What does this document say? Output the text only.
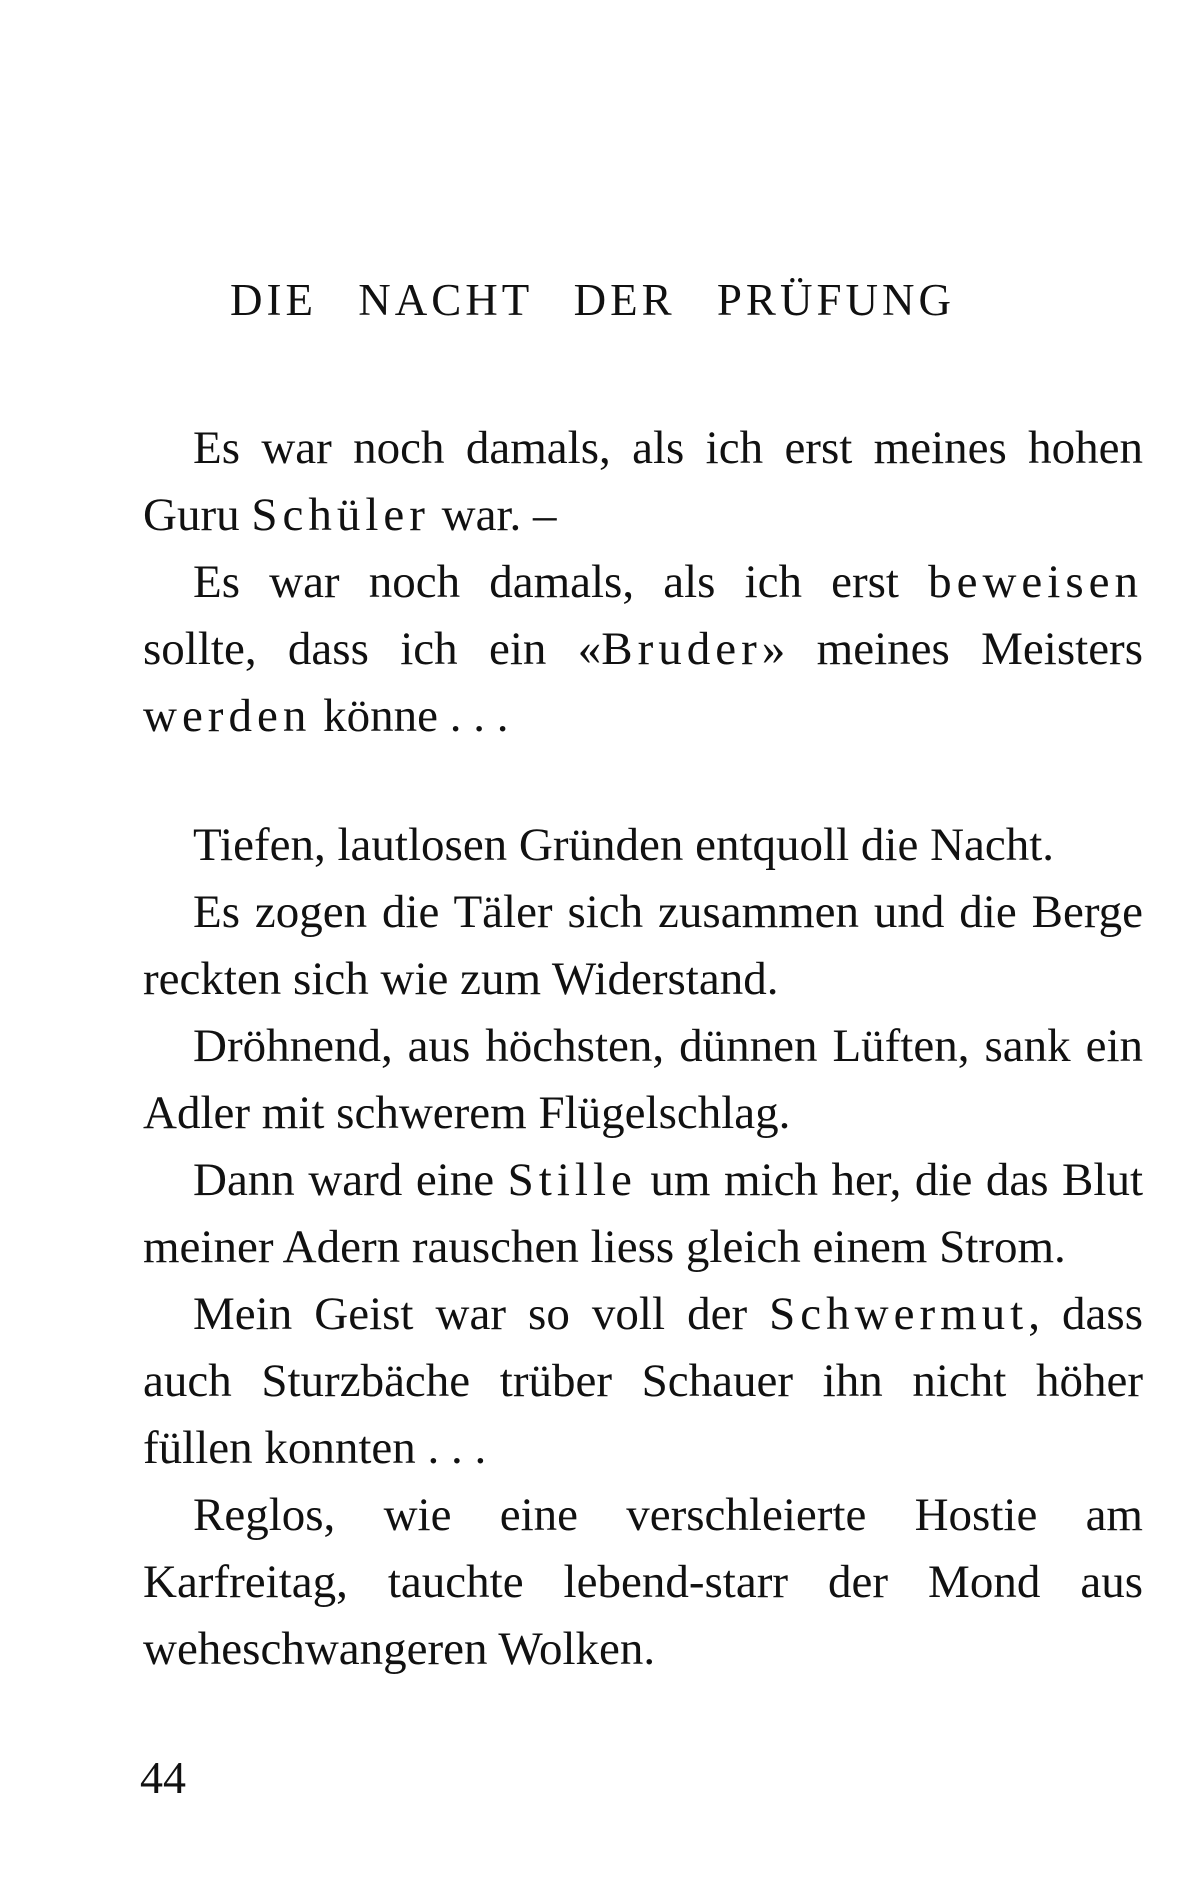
DIE NACHT DER PRÜFUNG

Es war noch damals, als ich erst meines hohen Guru Schüler war. –

Es war noch damals, als ich erst beweisen sollte, dass ich ein «Bruder» meines Meisters werden könne . . .

Tiefen, lautlosen Gründen entquoll die Nacht.

Es zogen die Täler sich zusammen und die Berge reckten sich wie zum Widerstand.

Dröhnend, aus höchsten, dünnen Lüften, sank ein Adler mit schwerem Flügelschlag.

Dann ward eine Stille um mich her, die das Blut meiner Adern rauschen liess gleich einem Strom.

Mein Geist war so voll der Schwermut, dass auch Sturzbäche trüber Schauer ihn nicht höher füllen konnten . . .

Reglos, wie eine verschleierte Hostie am Karfreitag, tauchte lebend-starr der Mond aus weheschwangeren Wolken.

44
